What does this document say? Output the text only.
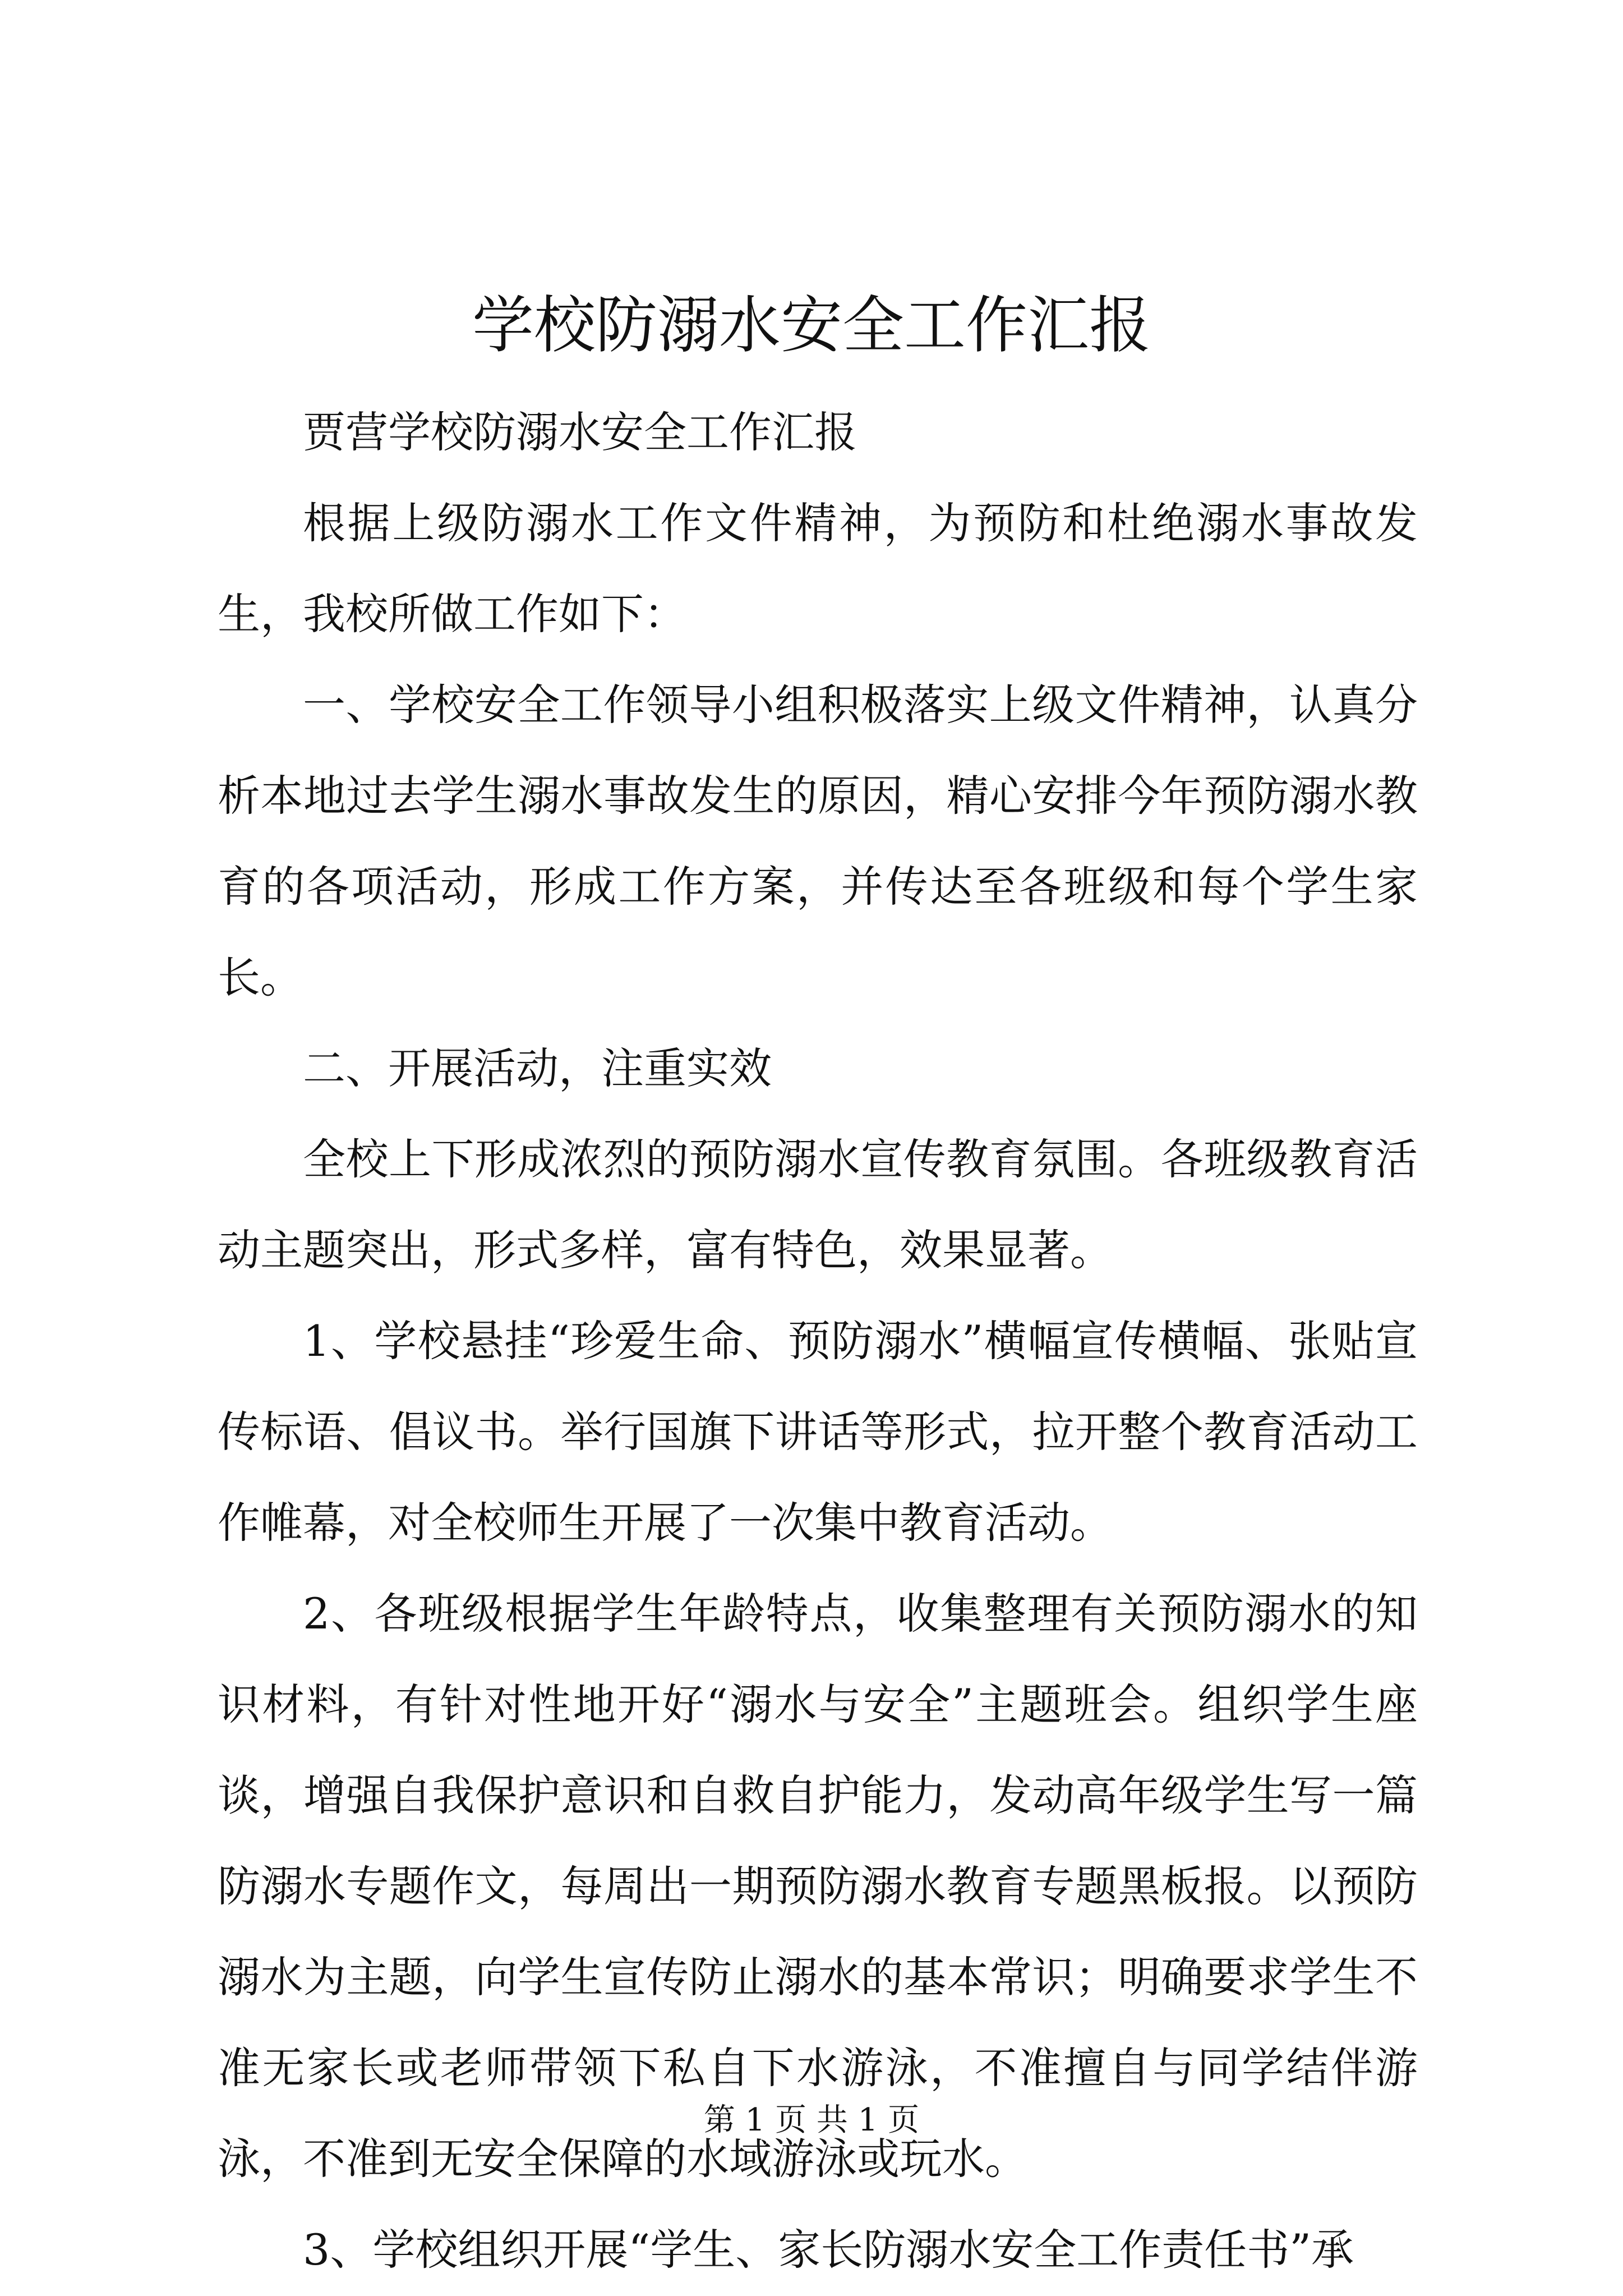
学校防溺水安全工作汇报

贾营学校防溺水安全工作汇报

根据上级防溺水工作文件精神，为预防和杜绝溺水事故发生，我校所做工作如下：

一、学校安全工作领导小组积极落实上级文件精神，认真分析本地过去学生溺水事故发生的原因，精心安排今年预防溺水教育的各项活动，形成工作方案，并传达至各班级和每个学生家长。

二、开展活动，注重实效

全校上下形成浓烈的预防溺水宣传教育氛围。各班级教育活动主题突出，形式多样，富有特色，效果显著。

1、学校悬挂“珍爱生命、预防溺水”横幅宣传横幅、张贴宣传标语、倡议书。举行国旗下讲话等形式，拉开整个教育活动工作帷幕，对全校师生开展了一次集中教育活动。

2、各班级根据学生年龄特点，收集整理有关预防溺水的知识材料，有针对性地开好“溺水与安全”主题班会。组织学生座谈，增强自我保护意识和自救自护能力，发动高年级学生写一篇防溺水专题作文，每周出一期预防溺水教育专题黑板报。以预防溺水为主题，向学生宣传防止溺水的基本常识；明确要求学生不准无家长或老师带领下私自下水游泳，不准擅自与同学结伴游泳，不准到无安全保障的水域游泳或玩水。

3、学校组织开展“学生、家长防溺水安全工作责任书”承

第 1 页 共 1 页
